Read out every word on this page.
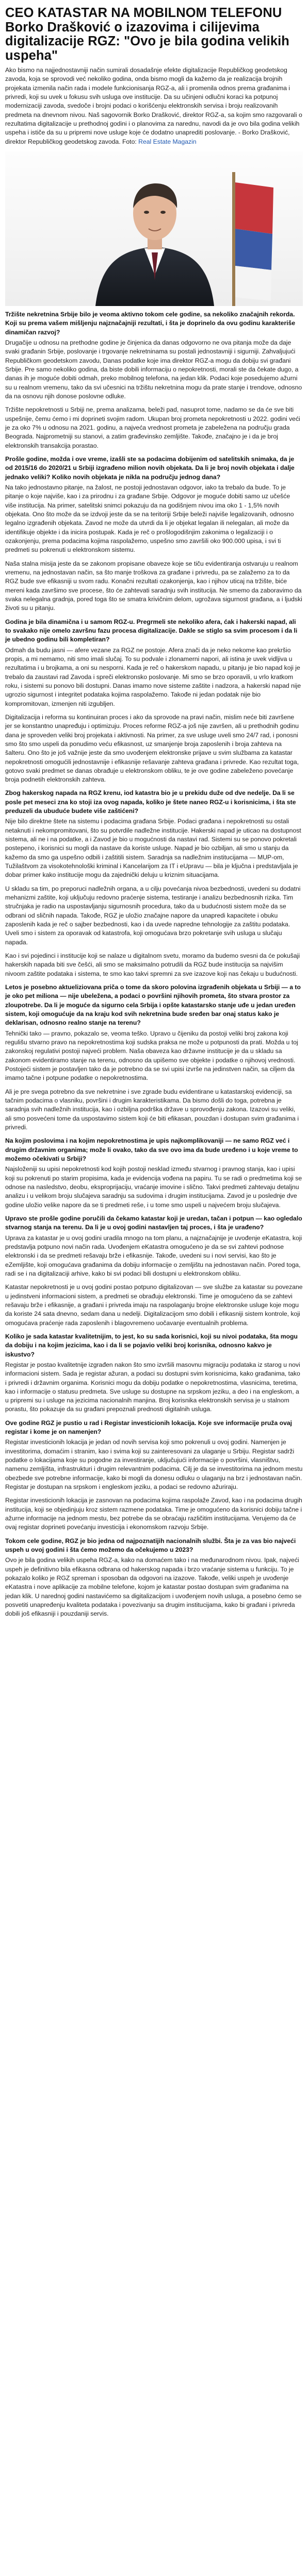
CEO KATASTAR NA MOBILNOM TELEFONU Borko Drašković o izazovima i cilijevima digitalizacije RGZ: "Ovo je bila godina velikih uspeha"

Ako bismo na najjednostavniji način sumirali dosadašnje efekte digitalizacije Republičkog geodetskog zavoda, koja se sprovodi već nekoliko godina, onda bismo mogli da kažemo da je realizacija brojnih projekata izmenila način rada i modele funkcionisanja RGZ-a, ali i promenila odnos prema građanima i privredi, koji su uvek u fokusu svih usluga ove institucije. Da su učinjeni odlučni koraci ka potpunoj modernizaciji zavoda, svedoče i brojni podaci o korišćenju elektronskih servisa i broju realizovanih predmeta na dnevnom nivou. Naš sagovornik Borko Drašković, direktor RGZ-a, sa kojim smo razgovarali o rezultatima digitalizacije u prethodnoj godini i o planovima za narednu, navodi da je ovo bila godina velikih uspeha i ističe da su u pripremi nove usluge koje će dodatno unaprediti poslovanje. - Borko Drašković, direktor Republičkog geodetskog zavoda. Foto: Real Estate Magazin

Tržište nekretnina Srbije bilo je veoma aktivno tokom cele godine, sa nekoliko značajnih rekorda. Koji su prema vašem mišljenju najznačajniji rezultati, i šta je doprinelo da ovu godinu karakteriše dinamičan razvoj?

Drugačije u odnosu na prethodne godine je činjenica da danas odgovorno ne ova pitanja može da daje svaki građanin Srbije, poslovanje i trgovanje nekretninama su postali jednostavniji i sigurniji. Zahvaljujući Republičkom geodetskom zavodu, Danas podatke koje ima direktor RGZ-a mogu da dobiju svi građani Srbije. Pre samo nekoliko godina, da biste dobili informaciju o nepokretnosti, morali ste da čekate dugo, a danas ih je moguće dobiti odmah, preko mobilnog telefona, na jedan klik. Podaci koje posedujemo ažurni su u realnom vremenu, tako da svi učesnici na tržištu nekretnina mogu da prate stanje i trendove, odnosno da na osnovu njih donose poslovne odluke.

Tržište nepokretnosti u Srbiji ne, prema analizama, beleži pad, nasuprot tome, nadamo se da će sve biti uspešnije, čemu ćemo i mi doprineti svojim radom. Ukupan broj prometa nepokretnosti u 2022. godini veći je za oko 7% u odnosu na 2021. godinu, a najveća vrednost prometa je zabeležena na području grada Beograda. Najprometniji su stanovi, a zatim građevinsko zemljište. Takođe, značajno je i da je broj elektronskih transakcija porastao.

Prošle godine, možda i ove vreme, izašli ste sa podacima dobijenim od satelitskih snimaka, da je od 2015/16 do 2020/21 u Srbiji izgrađeno milion novih objekata. Da li je broj novih objekata i dalje jednako veliki? Koliko novih objekata je nikla na području jednog dana?

Na tako jednostavno pitanje, na žalost, ne postoji jednostavan odgovor, iako ta trebalo da bude. To je pitanje o koje najviše, kao i za prirodnu i za građane Srbije. Odgovor je moguće dobiti samo uz učešće više institucija. Na primer, satelitski snimci pokazuju da na godišnjem nivou ima oko 1 - 1,5% novih objekata. Ono što može da se izdvoji jeste da se na teritoriji Srbije beleži najviše legalizovanih, odnosno legalno izgrađenih objekata. Zavod ne može da utvrdi da li je objekat legalan ili nelegalan, ali može da identifikuje objekte i da inicira postupak. Kada je reč o prošlogodišnjim zakonima o legalizaciji i o ozakonjenju, prema podacima kojima raspolažemo, uspešno smo završili oko 900.000 upisa, i svi ti predmeti su pokrenuti u elektronskom sistemu.

Naša stalna misija jeste da se zakonom propisane obaveze koje se tiču evidentiranja ostvaruju u realnom vremenu, na jednostavan način, sa što manje troškova za građane i privredu, pa se zalažemo za to da RGZ bude sve efikasniji u svom radu. Konačni rezultati ozakonjenja, kao i njihov uticaj na tržište, biće mereni kada završimo sve procese, što će zahtevati saradnju svih institucija. Ne smemo da zaboravimo da svaka nelegalna gradnja, pored toga što se smatra krivičnim delom, ugrožava sigurnost građana, a i ljudski životi su u pitanju.

Godina je bila dinamična i u samom RGZ-u. Pregrmeli ste nekoliko afera, ćak i hakerski napad, ali to svakako nije omelo završnu fazu procesa digitalizacije. Dakle se stiglo sa svim procesom i da li je ubedno godinu bili kompletiran?

Odmah da budu jasni — afere vezane za RGZ ne postoje. Afera znači da je neko nekome kao prekršio propis, a mi nemamo, niti smo imali slučaj. To su podvale i zlonamerni napori, ali istina je uvek vidljiva u rezultatima i u brojkama, a oni su nesporni. Kada je reč o hakerskom napadu, u pitanju je bio napad koji je trebalo da zaustavi rad Zavoda i spreči elektronsko poslovanje. Mi smo se brzo oporavili, u vrlo kratkom roku, i sistemi su ponovo bili dostupni. Danas imamo nove sisteme zaštite i nadzora, a hakerski napad nije ugrozio sigurnost i integritet podataka kojima raspolažemo. Takođe ni jedan podatak nije bio kompromitovan, izmenjen niti izgubljen.

Digitalizacija i reforma su kontinuiran proces i ako da sprovode na pravi način, mislim neće biti završene jer se konstantno unapređuju i optimizuju. Proces reforme RGZ-a još nije završen, ali u prethodnih godinu dana je sproveden veliki broj projekata i aktivnosti. Na primer, za sve usluge uveli smo 24/7 rad, i ponosni smo što smo uspeli da ponudimo veću efikasnost, uz smanjenje broja zaposlenih i broja zahteva na šalteru. Ono što je još važnije jeste da smo uvođenjem elektronske prijave u svim službama za katastar nepokretnosti omogućili jednostavnije i efikasnije rešavanje zahteva građana i privrede. Kao rezultat toga, gotovo svaki predmet se danas obrađuje u elektronskom obliku, te je ove godine zabeleženo povećanje broja podnetih elektronskih zahteva.

Zbog hakerskog napada na RGZ krenu, iod katastra bio je u prekidu duže od dve nedelje. Da li se posle pet meseci zna ko stoji iza ovog napada, koliko je štete naneo RGZ-u i korisnicima, i šta ste preduzeli da ubuduće budete više zaštićeni?

Nije bilo direktne štete na sistemu i podacima građana Srbije. Podaci građana i nepokretnosti su ostali netaknuti i nekompromitovani, što su potvrdile nadležne institucije. Hakerski napad je uticao na dostupnost sistema, ali ne i na podatke, a i Zavod je bio u mogućnosti da nastavi rad. Sistemi su se ponovo pokretali postepeno, i korisnici su mogli da nastave da koriste usluge. Napad je bio ozbiljan, ali smo u stanju da kažemo da smo ga uspešno odbili i zaštitili sistem. Saradnja sa nadležnim institucijama — MUP-om, Tužilaštvom za visokotehnološki kriminal i Kancelarijom za IT i eUpravu — bila je ključna i predstavljala je dobar primer kako institucije mogu da zajednički deluju u kriznim situacijama.

U skladu sa tim, po preporuci nadležnih organa, a u cilju povećanja nivoa bezbednosti, uvedeni su dodatni mehanizmi zaštite, koji uključuju redovno praćenje sistema, testiranje i analizu bezbednosnih rizika. Tim stručnjaka je radio na uspostavljanju sigurnosnih procedura, tako da u budućnosti sistem može da se odbrani od sličnih napada. Takođe, RGZ je uložio značajne napore da unapredi kapacitete i obuku zaposlenih kada je reč o sajber bezbednosti, kao i da uvede napredne tehnologije za zaštitu podataka. Uveli smo i sistem za oporavak od katastrofa, koji omogućava brzo pokretanje svih usluga u slučaju napada.

Kao i svi pojedinci i institucije koji se nalaze u digitalnom svetu, moramo da budemo svesni da će pokušaji hakerskih napada biti sve češći, ali smo se maksimalno potrudili da RGZ bude institucija sa najvišim nivoom zaštite podataka i sistema, te smo kao takvi spremni za sve izazove koji nas čekaju u budućnosti.

Letos je posebno aktueliziovana priča o tome da skoro polovina izgrađenih objekata u Srbiji — a to je oko pet miliona — nije ubeležena, a podaci o površini njihovih prometa, što stvara prostor za zloupotrebe. Da li je moguće da sigurno cela Srbija i opšte katastarsko stanje uđe u jedan uređen sistem, koji omogućuje da na kraju kod svih nekretnina bude sređen bar onaj status kako je deklarisan, odnosno realno stanje na terenu?

Tehnički tako — pravno, pokazalo se, veoma teško. Upravo u čijeniku da postoji veliki broj zakona koji regulišu stvarno pravo na nepokretnostima koji sudska praksa ne može u potpunosti da prati. Možda u toj zakonskoj regulativi postoji najveći problem. Naša obaveza kao državne institucije je da u skladu sa zakonom evidentiramo stanje na terenu, odnosno da upišemo sve objekte i podatke o njihovoj vrednosti. Postojeći sistem je postavljen tako da je potrebno da se svi upisi izvrše na jedinstven način, sa ciljem da imamo tačne i potpune podatke o nepokretnostima.

Ali je pre svega potrebno da sve nekretnine i sve zgrade budu evidentirane u katastarskoj evidenciji, sa tačnim podacima o vlasniku, površini i drugim karakteristikama. Da bismo došli do toga, potrebna je saradnja svih nadležnih institucija, kao i ozbiljna podrška države u sprovođenju zakona. Izazovi su veliki, ali smo posvećeni tome da uspostavimo sistem koji će biti efikasan, pouzdan i dostupan svim građanima i privredi.

Na kojim poslovima i na kojim nepokretnostima je upis najkomplikovaniji — ne samo RGZ već i drugim državnim organima; može li ovako, tako da sve ovo ima da bude uređeno i u koje vreme to možemo očekivati u Srbiji?

Najsloženiji su upisi nepokretnosti kod kojih postoji nesklad između stvarnog i pravnog stanja, kao i upisi koji su pokrenuti po starim propisima, kada je evidencija vođena na papiru. Tu se radi o predmetima koji se odnose na nasledstvo, deobu, eksproprijaciju, vraćanje imovine i slično. Takvi predmeti zahtevaju detaljnu analizu i u velikom broju slučajeva saradnju sa sudovima i drugim institucijama. Zavod je u poslednje dve godine uložio velike napore da se ti predmeti reše, i u tome smo uspeli u najvećem broju slučajeva.

Upravo ste prošle godine poručili da čekamo katastar koji je uredan, tačan i potpun — kao ogledalo stvarnog stanja na terenu. Da li je u ovoj godini nastavljen taj proces, i šta je urađeno?

Uprava za katastar je u ovoj godini uradila mnogo na tom planu, a najznačajnije je uvođenje eKatastra, koji predstavlja potpuno novi način rada. Uvođenjem eKatastra omogućeno je da se svi zahtevi podnose elektronski i da se predmeti rešavaju brže i efikasnije. Takođe, uvedeni su i novi servisi, kao što je eZemljište, koji omogućava građanima da dobiju informacije o zemljištu na jednostavan način. Pored toga, radi se i na digitalizaciji arhive, kako bi svi podaci bili dostupni u elektronskom obliku.

Katastar nepokretnosti je u ovoj godini postao potpuno digitalizovan — sve službe za katastar su povezane u jedinstveni informacioni sistem, a predmeti se obrađuju elektronski. Time je omogućeno da se zahtevi rešavaju brže i efikasnije, a građani i privreda imaju na raspolaganju brojne elektronske usluge koje mogu da koriste 24 sata dnevno, sedam dana u nedelji. Digitalizacijom smo dobili i efikasniji sistem kontrole, koji omogućava praćenje rada zaposlenih i blagovremeno uočavanje eventualnih problema.

Koliko je sada katastar kvalitetnijim, to jest, ko su sada korisnici, koji su nivoi podataka, šta mogu da dobiju i na kojim jezicima, kao i da li se pojavio veliki broj korisnika, odnosno kakvo je iskustvo?

Registar je postao kvalitetnije izgrađen nakon što smo izvršili masovnu migraciju podataka iz starog u novi informacioni sistem. Sada je registar ažuran, a podaci su dostupni svim korisnicima, kako građanima, tako i privredi i državnim organima. Korisnici mogu da dobiju podatke o nepokretnostima, vlasnicima, teretima, kao i informacije o statusu predmeta. Sve usluge su dostupne na srpskom jeziku, a deo i na engleskom, a u pripremi su i usluge na jezicima nacionalnih manjina. Broj korisnika elektronskih servisa je u stalnom porastu, što pokazuje da su građani prepoznali prednosti digitalnih usluga.

Ove godine RGZ je pustio u rad i Registar investicionih lokacija. Koje sve informacije pruža ovaj registar i kome je on namenjen?

Registar investicionih lokacija je jedan od novih servisa koji smo pokrenuli u ovoj godini. Namenjen je investitorima, domaćim i stranim, kao i svima koji su zainteresovani za ulaganje u Srbiju. Registar sadrži podatke o lokacijama koje su pogodne za investiranje, uključujući informacije o površini, vlasništvu, namenu zemljišta, infrastrukturi i drugim relevantnim podacima. Cilj je da se investitorima na jednom mestu obezbede sve potrebne informacije, kako bi mogli da donesu odluku o ulaganju na brz i jednostavan način. Registar je dostupan na srpskom i engleskom jeziku, a podaci se redovno ažuriraju.

Registar investicionih lokacija je zasnovan na podacima kojima raspolaže Zavod, kao i na podacima drugih institucija, koji se objedinjuju kroz sistem razmene podataka. Time je omogućeno da korisnici dobiju tačne i ažurne informacije na jednom mestu, bez potrebe da se obraćaju različitim institucijama. Verujemo da će ovaj registar doprineti povećanju investicija i ekonomskom razvoju Srbije.

Tokom cele godine, RGZ je bio jedna od najpoznatijih nacionalnih službi. Šta je za vas bio najveći uspeh u ovoj godini i šta ćemo možemo da očekujemo u 2023?

Ovo je bila godina velikih uspeha RGZ-a, kako na domaćem tako i na međunarodnom nivou. Ipak, najveći uspeh je definitivno bila efikasna odbrana od hakerskog napada i brzo vraćanje sistema u funkciju. To je pokazalo koliko je RGZ spreman i sposoban da odgovori na izazove. Takođe, veliki uspeh je uvođenje eKatastra i nove aplikacije za mobilne telefone, kojom je katastar postao dostupan svim građanima na jedan klik. U narednoj godini nastavićemo sa digitalizacijom i uvođenjem novih usluga, a posebno ćemo se posvetiti unapređenju kvaliteta podataka i povezivanju sa drugim institucijama, kako bi građani i privreda dobili još efikasniji i pouzdaniji servis.
